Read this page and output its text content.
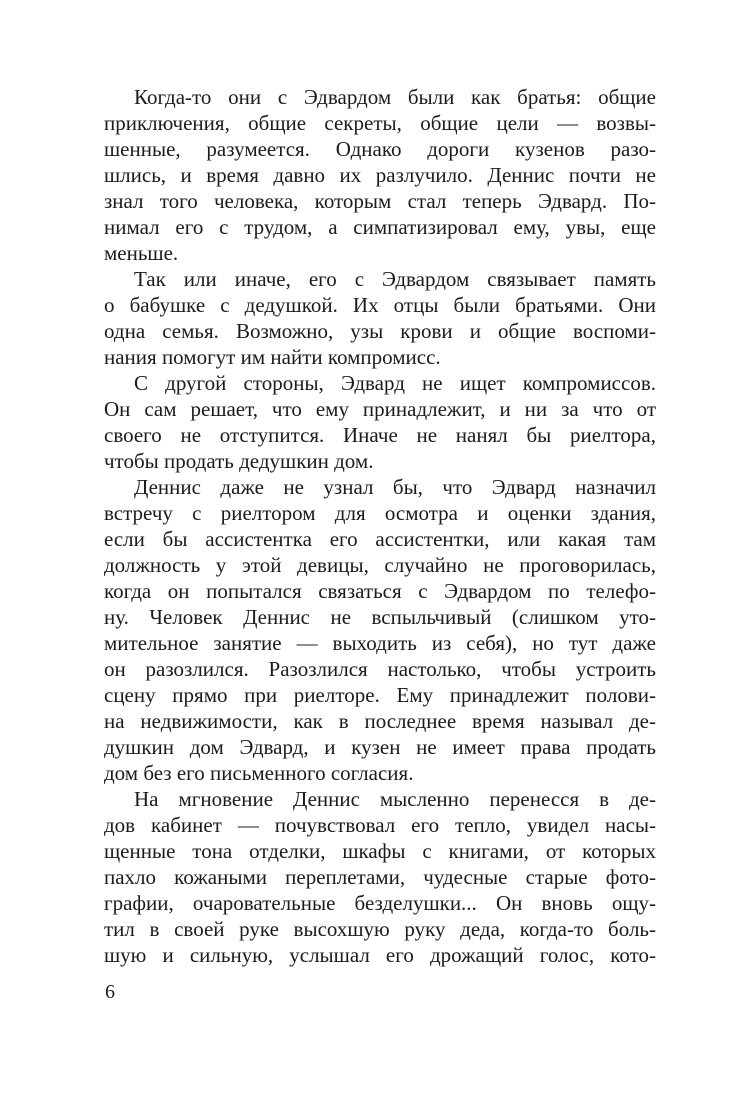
Когда-то они с Эдвардом были как братья: общие
приключения, общие секреты, общие цели — возвы-
шенные, разумеется. Однако дороги кузенов разо-
шлись, и время давно их разлучило. Деннис почти не
знал того человека, которым стал теперь Эдвард. По-
нимал его с трудом, а симпатизировал ему, увы, еще
меньше.
Так или иначе, его с Эдвардом связывает память
о бабушке с дедушкой. Их отцы были братьями. Они
одна семья. Возможно, узы крови и общие воспоми-
нания помогут им найти компромисс.
С другой стороны, Эдвард не ищет компромиссов.
Он сам решает, что ему принадлежит, и ни за что от
своего не отступится. Иначе не нанял бы риелтора,
чтобы продать дедушкин дом.
Деннис даже не узнал бы, что Эдвард назначил
встречу с риелтором для осмотра и оценки здания,
если бы ассистентка его ассистентки, или какая там
должность у этой девицы, случайно не проговорилась,
когда он попытался связаться с Эдвардом по телефо-
ну. Человек Деннис не вспыльчивый (слишком уто-
мительное занятие — выходить из себя), но тут даже
он разозлился. Разозлился настолько, чтобы устроить
сцену прямо при риелторе. Ему принадлежит полови-
на недвижимости, как в последнее время называл де-
душкин дом Эдвард, и кузен не имеет права продать
дом без его письменного согласия.
На мгновение Деннис мысленно перенесся в де-
дов кабинет — почувствовал его тепло, увидел насы-
щенные тона отделки, шкафы с книгами, от которых
пахло кожаными переплетами, чудесные старые фото-
графии, очаровательные безделушки... Он вновь ощу-
тил в своей руке высохшую руку деда, когда-то боль-
шую и сильную, услышал его дрожащий голос, кото-
6
